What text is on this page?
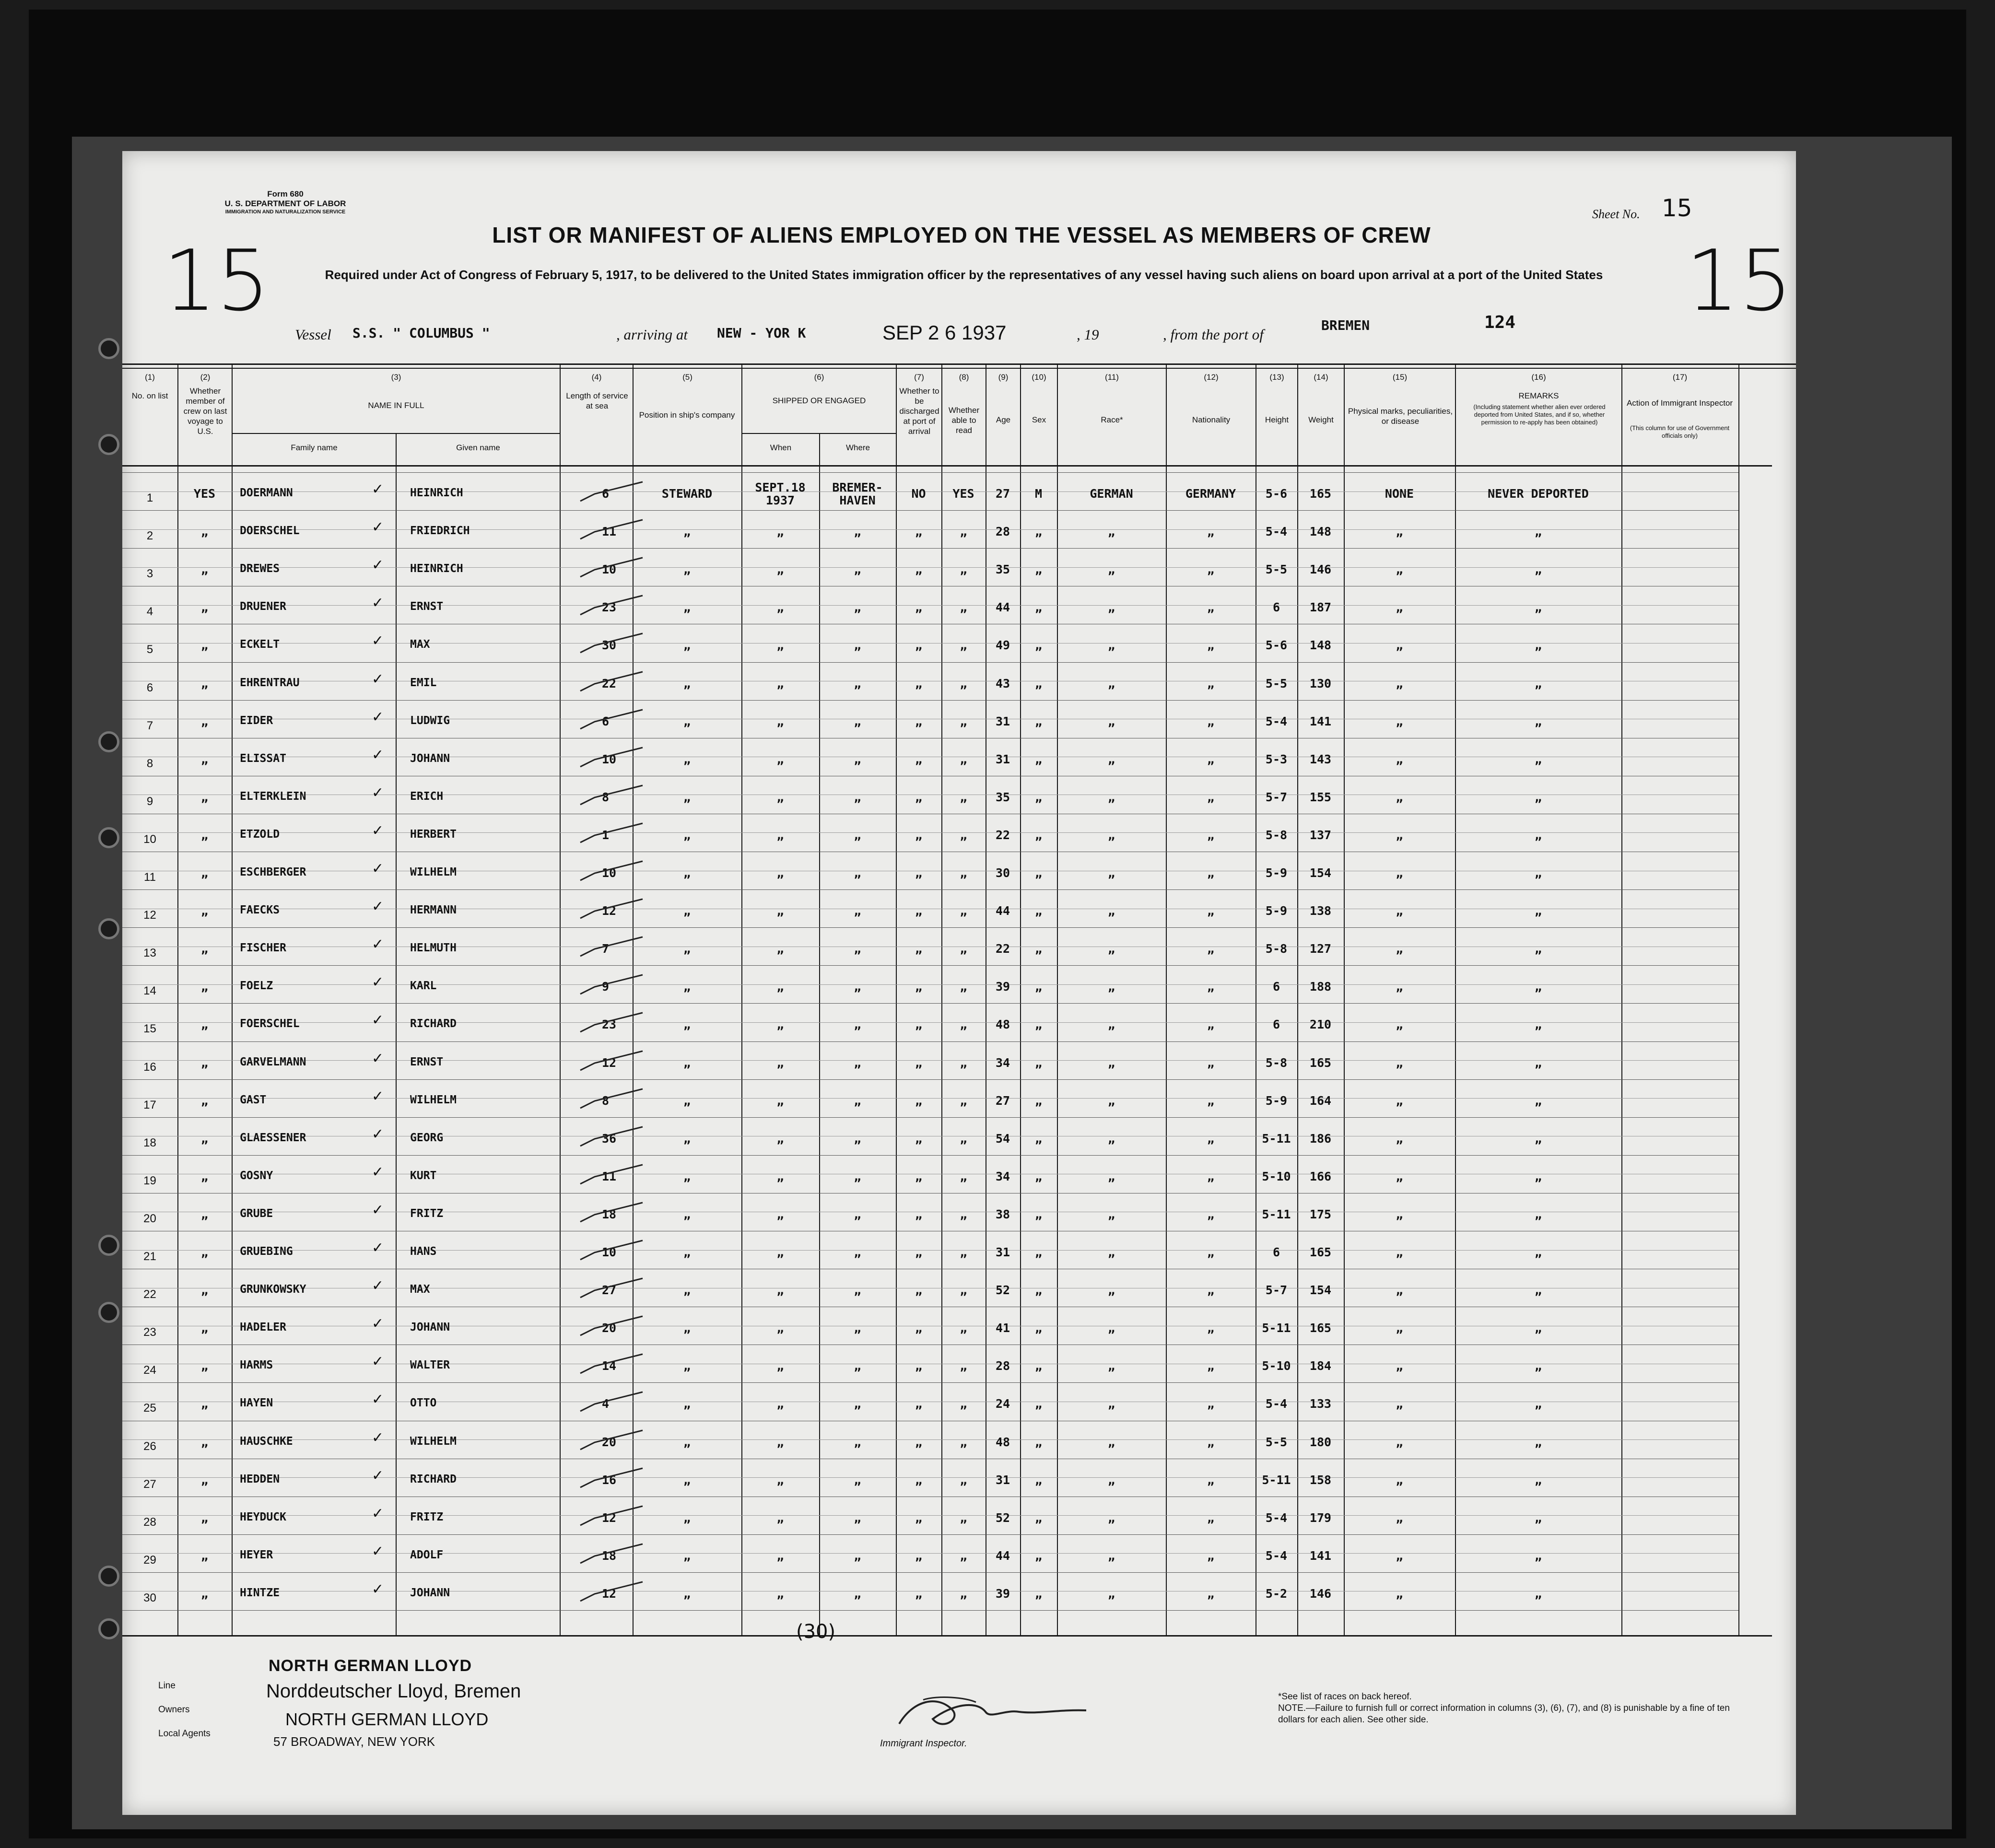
Form 680
U. S. DEPARTMENT OF LABOR
IMMIGRATION AND NATURALIZATION SERVICE
LIST OR MANIFEST OF ALIENS EMPLOYED ON THE VESSEL AS MEMBERS OF CREW
Required under Act of Congress of February 5, 1917, to be delivered to the United States immigration officer by the representatives of any vessel having such aliens on board upon arrival at a port of the United States
Sheet No. 15
15	15
Vessel S.S. " COLUMBUS "	, arriving at NEW - YOR K	SEP 2 6 1937	, 19	, from the port of
BREMEN	124
(1)
No. on list
(2)
Whether member of crew on last voyage to U.S.
(3)
NAME IN FULL
Family name	Given name
(4)
Length of service at sea
(5)
Position in ship's company
(6)
SHIPPED OR ENGAGED
When	Where
(7)
Whether to be discharged at port of arrival
(8)
Whether able to read
(9)
Age
(10)
Sex
(11)
Race*
(12)
Nationality
(13)
Height
(14)
Weight
(15)
Physical marks, peculiarities, or disease
(16)
REMARKS
(Including statement whether alien ever ordered deported from United States, and if so, whether permission to re-apply has been obtained)
(17)
Action of Immigrant Inspector
(This column for use of Government officials only)
1	YES	DOERMANN	HEINRICH	6	STEWARD	SEPT.18 1937
BREMER- HAVEN	NO	YES	27	M	GERMAN	GERMANY	5-6	165	NONE	NEVER DEPORTED
✓
2	„	DOERSCHEL	FRIEDRICH	11	„	„	„	„	„	28	„	„	„	5-4	148	„	„
✓
3	„	DREWES	HEINRICH	10	„	„	„	„	„	35	„	„	„	5-5	146	„	„
✓
4	„	DRUENER	ERNST	23	„	„	„	„	„	44	„	„	„	6	187	„	„
✓
5	„	ECKELT	MAX	30	„	„	„	„	„	49	„	„	„	5-6	148	„	„
✓
6	„	EHRENTRAU	EMIL	22	„	„	„	„	„	43	„	„	„	5-5	130	„	„
✓
7	„	EIDER	LUDWIG	6	„	„	„	„	„	31	„	„	„	5-4	141	„	„
✓
8	„	ELISSAT	JOHANN	10	„	„	„	„	„	31	„	„	„	5-3	143	„	„
✓
9	„	ELTERKLEIN	ERICH	8	„	„	„	„	„	35	„	„	„	5-7	155	„	„
✓
10	„	ETZOLD	HERBERT	1	„	„	„	„	„	22	„	„	„	5-8	137	„	„
✓
11	„	ESCHBERGER	WILHELM	10	„	„	„	„	„	30	„	„	„	5-9	154	„	„
✓
12	„	FAECKS	HERMANN	12	„	„	„	„	„	44	„	„	„	5-9	138	„	„
✓
13	„	FISCHER	HELMUTH	7	„	„	„	„	„	22	„	„	„	5-8	127	„	„
✓
14	„	FOELZ	KARL	9	„	„	„	„	„	39	„	„	„	6	188	„	„
✓
15	„	FOERSCHEL	RICHARD	23	„	„	„	„	„	48	„	„	„	6	210	„	„
✓
16	„	GARVELMANN	ERNST	12	„	„	„	„	„	34	„	„	„	5-8	165	„	„
✓
17	„	GAST	WILHELM	8	„	„	„	„	„	27	„	„	„	5-9	164	„	„
✓
18	„	GLAESSENER	GEORG	36	„	„	„	„	„	54	„	„	„	5-11	186	„	„
✓
19	„	GOSNY	KURT	11	„	„	„	„	„	34	„	„	„	5-10	166	„	„
✓
20	„	GRUBE	FRITZ	18	„	„	„	„	„	38	„	„	„	5-11	175	„	„
✓
21	„	GRUEBING	HANS	10	„	„	„	„	„	31	„	„	„	6	165	„	„
✓
22	„	GRUNKOWSKY	MAX	27	„	„	„	„	„	52	„	„	„	5-7	154	„	„
✓
23	„	HADELER	JOHANN	20	„	„	„	„	„	41	„	„	„	5-11	165	„	„
✓
24	„	HARMS	WALTER	14	„	„	„	„	„	28	„	„	„	5-10	184	„	„
✓
25	„	HAYEN	OTTO	4	„	„	„	„	„	24	„	„	„	5-4	133	„	„
✓
26	„	HAUSCHKE	WILHELM	20	„	„	„	„	„	48	„	„	„	5-5	180	„	„
✓
27	„	HEDDEN	RICHARD	16	„	„	„	„	„	31	„	„	„	5-11	158	„	„
✓
28	„	HEYDUCK	FRITZ	12	„	„	„	„	„	52	„	„	„	5-4	179	„	„
✓
29	„	HEYER	ADOLF	18	„	„	„	„	„	44	„	„	„	5-4	141	„	„
✓
30	„	HINTZE	JOHANN	12	„	„	„	„	„	39	„	„	„	5-2	146	„	„
✓
(30)
Line
Owners
Local Agents
NORTH GERMAN LLOYD
Norddeutscher Lloyd, Bremen
NORTH GERMAN LLOYD
57 BROADWAY, NEW YORK	Immigrant Inspector.
*See list of races on back hereof.
NOTE.—Failure to furnish full or correct information in columns (3), (6), (7), and (8) is punishable by a fine of ten dollars for each alien. See other side.
